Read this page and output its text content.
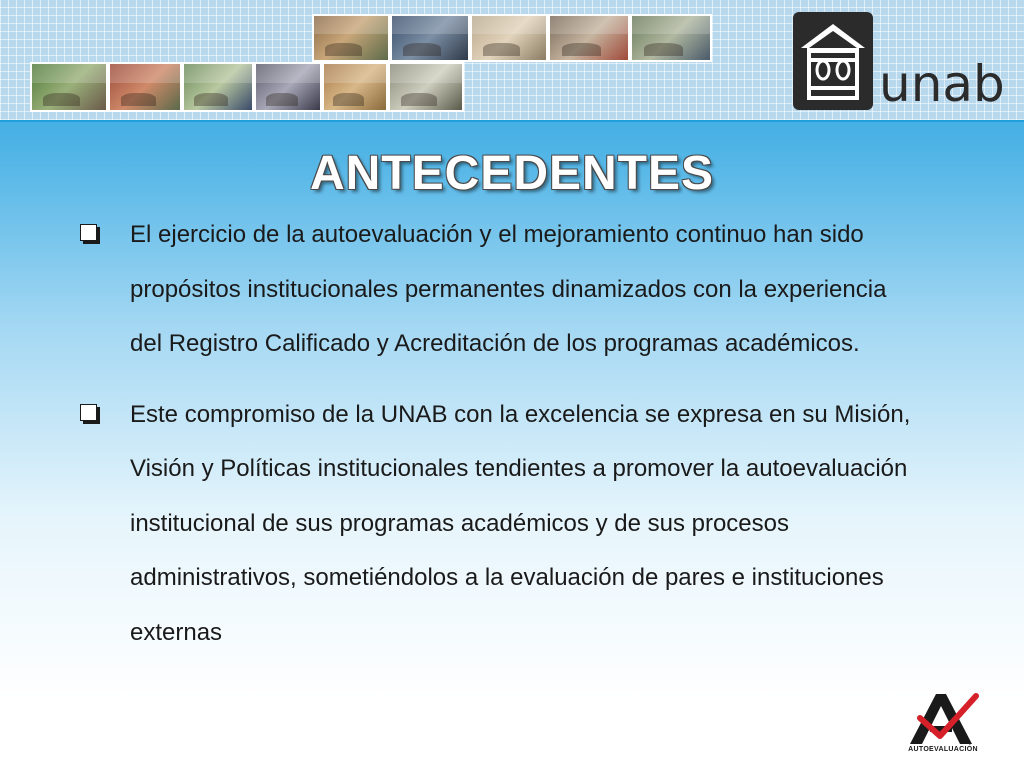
unab
ANTECEDENTES
El ejercicio de la autoevaluación y el mejoramiento continuo han sido propósitos institucionales permanentes dinamizados con la experiencia del Registro Calificado y Acreditación de los programas académicos.
Este compromiso de la UNAB con la excelencia se expresa en su Misión, Visión y Políticas institucionales tendientes a promover la autoevaluación institucional de sus programas académicos y de sus procesos administrativos, sometiéndolos a la evaluación de pares e instituciones externas
AUTOEVALUACIÓN
